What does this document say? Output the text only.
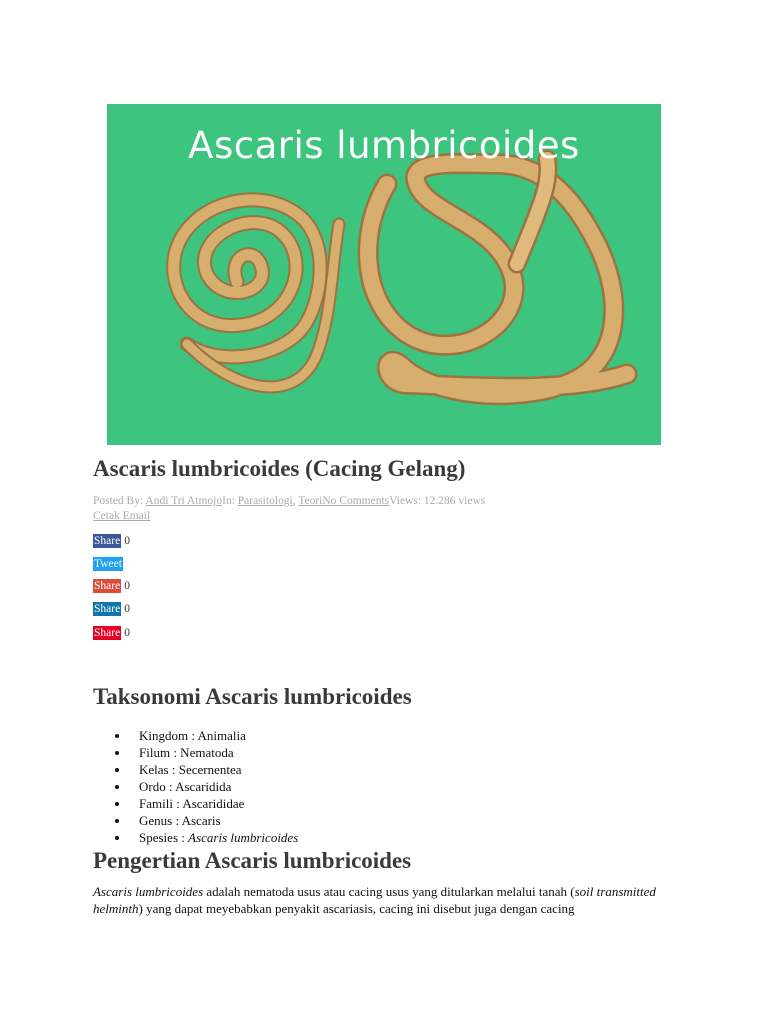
Ascaris lumbricoides
Ascaris lumbricoides (Cacing Gelang)
Posted By: Andi Tri AtmojoIn: Parasitologi, TeoriNo CommentsViews: 12.286 views
Cetak Email
Share 0
Tweet
Share 0
Share 0
Share 0
Taksonomi Ascaris lumbricoides
Kingdom : Animalia
Filum : Nematoda
Kelas : Secernentea
Ordo : Ascaridida
Famili : Ascarididae
Genus : Ascaris
Spesies : Ascaris lumbricoides
Pengertian Ascaris lumbricoides

Ascaris lumbricoides adalah nematoda usus atau cacing usus yang ditularkan melalui tanah (soil transmitted helminth) yang dapat meyebabkan penyakit ascariasis, cacing ini disebut juga dengan cacing
